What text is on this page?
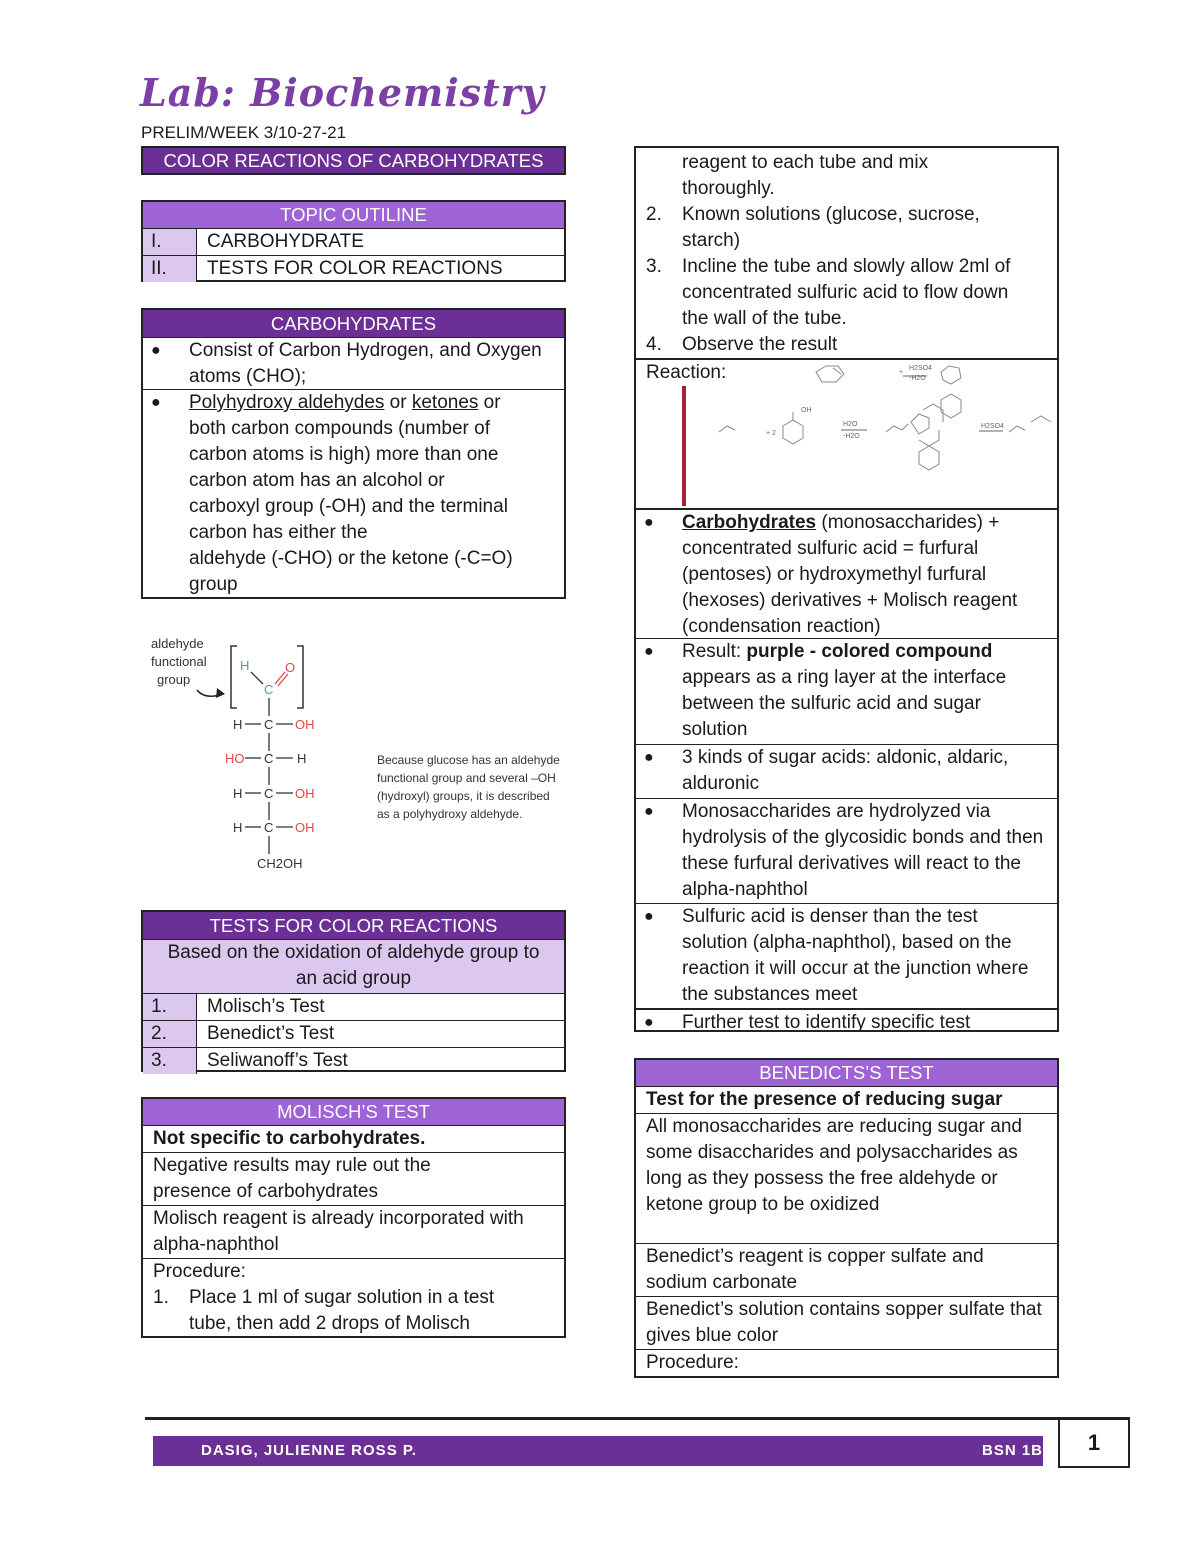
Lab: Biochemistry
PRELIM/WEEK 3/10-27-21
COLOR REACTIONS OF CARBOHYDRATES
TOPIC OUTILINE
I.	CARBOHYDRATE
II.	TESTS FOR COLOR REACTIONS
CARBOHYDRATES
●	Consist of Carbon Hydrogen, and Oxygen atoms (CHO);
●	Polyhydroxy aldehydes or ketones or
both carbon compounds (number of
carbon atoms is high) more than one
carbon atom has an alcohol or
carboxyl group (-OH) and the terminal
carbon has either the
aldehyde (-CHO) or the ketone (-C=O)
group
aldehyde
functional
group
H	O
C
H C OH
HO C H
H C OH
H C OH
CH2OH
Because glucose has an aldehyde
functional group and several –OH
(hydroxyl) groups, it is described
as a polyhydroxy aldehyde.
TESTS FOR COLOR REACTIONS
Based on the oxidation of aldehyde group to an acid group
1.	Molisch’s Test
2.	Benedict’s Test
3.	Seliwanoff’s Test
MOLISCH’S TEST
Not specific to carbohydrates.
Negative results may rule out the presence of carbohydrates
Molisch reagent is already incorporated with alpha-naphthol
Procedure:
1.	Place 1 ml of sugar solution in a test tube, then add 2 drops of Molisch
reagent to each tube and mix thoroughly.
2.	Known solutions (glucose, sucrose, starch)
3.	Incline the tube and slowly allow 2ml of concentrated sulfuric acid to flow down the wall of the tube.
4.	Observe the result
Reaction:	+
H2SO4
-H2O
OH
+ 2
H2O
-H2O
H2SO4
●	Carbohydrates (monosaccharides) + concentrated sulfuric acid = furfural (pentoses) or hydroxymethyl furfural (hexoses) derivatives + Molisch reagent (condensation reaction)
●	Result: purple - colored compound appears as a ring layer at the interface between the sulfuric acid and sugar solution
●	3 kinds of sugar acids: aldonic, aldaric, alduronic
●	Monosaccharides are hydrolyzed via hydrolysis of the glycosidic bonds and then these furfural derivatives will react to the alpha-naphthol
●	Sulfuric acid is denser than the test solution (alpha-naphthol), based on the reaction it will occur at the junction where the substances meet
●	Further test to identify specific test
BENEDICTS’S TEST
Test for the presence of reducing sugar
All monosaccharides are reducing sugar and some disaccharides and polysaccharides as long as they possess the free aldehyde or ketone group to be oxidized
Benedict’s reagent is copper sulfate and sodium carbonate
Benedict’s solution contains sopper sulfate that gives blue color
Procedure:
DASIG, JULIENNE ROSS P.	BSN 1B	1
